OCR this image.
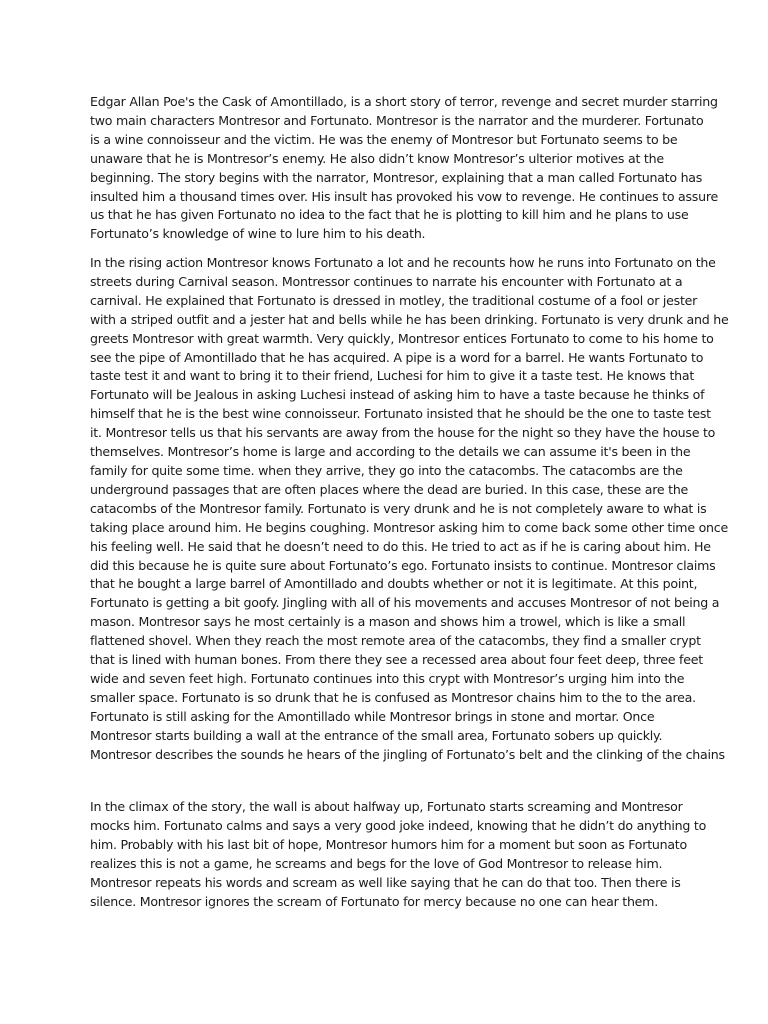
Edgar Allan Poe's the Cask of Amontillado, is a short story of terror, revenge and secret murder starring
two main characters Montresor and Fortunato. Montresor is the narrator and the murderer. Fortunato
is a wine connoisseur and the victim. He was the enemy of Montresor but Fortunato seems to be
unaware that he is Montresor’s enemy. He also didn’t know Montresor’s ulterior motives at the
beginning. The story begins with the narrator, Montresor, explaining that a man called Fortunato has
insulted him a thousand times over. His insult has provoked his vow to revenge. He continues to assure
us that he has given Fortunato no idea to the fact that he is plotting to kill him and he plans to use
Fortunato’s knowledge of wine to lure him to his death.

In the rising action Montresor knows Fortunato a lot and he recounts how he runs into Fortunato on the
streets during Carnival season. Montressor continues to narrate his encounter with Fortunato at a
carnival. He explained that Fortunato is dressed in motley, the traditional costume of a fool or jester
with a striped outfit and a jester hat and bells while he has been drinking. Fortunato is very drunk and he
greets Montresor with great warmth. Very quickly, Montresor entices Fortunato to come to his home to
see the pipe of Amontillado that he has acquired. A pipe is a word for a barrel. He wants Fortunato to
taste test it and want to bring it to their friend, Luchesi for him to give it a taste test. He knows that
Fortunato will be Jealous in asking Luchesi instead of asking him to have a taste because he thinks of
himself that he is the best wine connoisseur. Fortunato insisted that he should be the one to taste test
it. Montresor tells us that his servants are away from the house for the night so they have the house to
themselves. Montresor’s home is large and according to the details we can assume it's been in the
family for quite some time. when they arrive, they go into the catacombs. The catacombs are the
underground passages that are often places where the dead are buried. In this case, these are the
catacombs of the Montresor family. Fortunato is very drunk and he is not completely aware to what is
taking place around him. He begins coughing. Montresor asking him to come back some other time once
his feeling well. He said that he doesn’t need to do this. He tried to act as if he is caring about him. He
did this because he is quite sure about Fortunato’s ego. Fortunato insists to continue. Montresor claims
that he bought a large barrel of Amontillado and doubts whether or not it is legitimate. At this point,
Fortunato is getting a bit goofy. Jingling with all of his movements and accuses Montresor of not being a
mason. Montresor says he most certainly is a mason and shows him a trowel, which is like a small
flattened shovel. When they reach the most remote area of the catacombs, they find a smaller crypt
that is lined with human bones. From there they see a recessed area about four feet deep, three feet
wide and seven feet high. Fortunato continues into this crypt with Montresor’s urging him into the
smaller space. Fortunato is so drunk that he is confused as Montresor chains him to the to the area.
Fortunato is still asking for the Amontillado while Montresor brings in stone and mortar. Once
Montresor starts building a wall at the entrance of the small area, Fortunato sobers up quickly.
Montresor describes the sounds he hears of the jingling of Fortunato’s belt and the clinking of the chains

In the climax of the story, the wall is about halfway up, Fortunato starts screaming and Montresor
mocks him. Fortunato calms and says a very good joke indeed, knowing that he didn’t do anything to
him. Probably with his last bit of hope, Montresor humors him for a moment but soon as Fortunato
realizes this is not a game, he screams and begs for the love of God Montresor to release him.
Montresor repeats his words and scream as well like saying that he can do that too. Then there is
silence. Montresor ignores the scream of Fortunato for mercy because no one can hear them.
